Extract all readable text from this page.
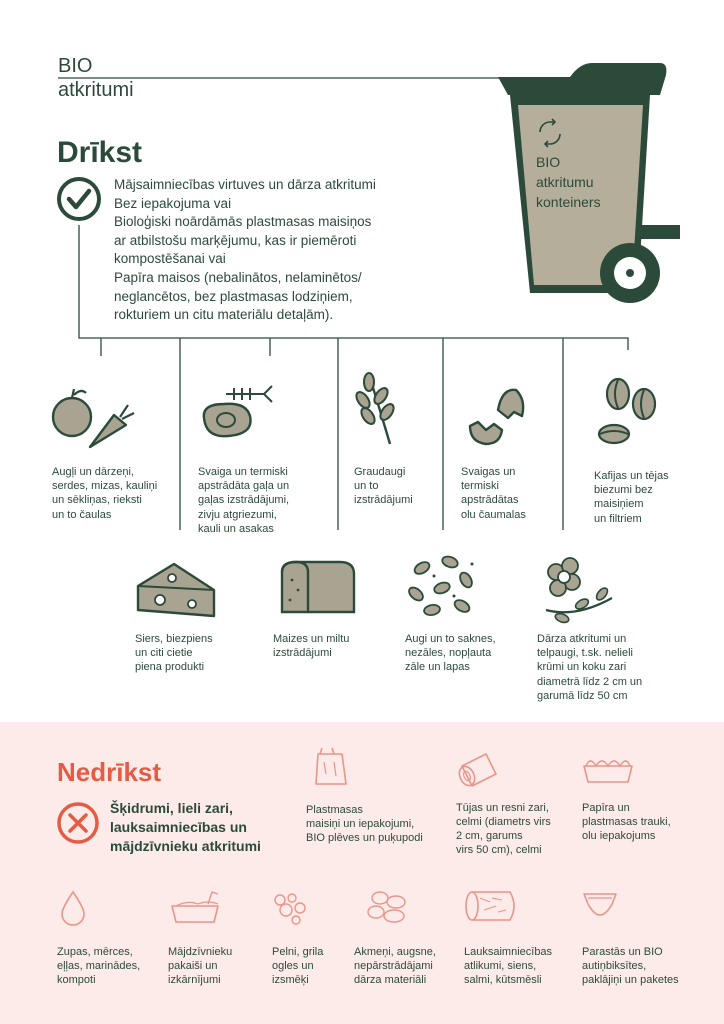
BIO
atkritumi
BIO
atkritumu
konteiners
Drīkst

Mājsaimniecības virtuves un dārza atkritumi

Bez iepakojuma vai

Bioloģiski noārdāmās plastmasas maisiņos

ar atbilstošu marķējumu, kas ir piemēroti

kompostēšanai vai

Papīra maisos (nebalinātos, nelaminētos/

neglancētos, bez plastmasas lodziņiem,

rokturiem un citu materiālu detaļām).

Augļi un dārzeņi,
serdes, mizas, kauliņi
un sēkliņas, rieksti
un to čaulas
Svaiga un termiski
apstrādāta gaļa un
gaļas izstrādājumi,
zivju atgriezumi,
kauli un asakas
Graudaugi
un to
izstrādājumi
Svaigas un
termiski
apstrādātas
olu čaumalas
Kafijas un tējas
biezumi bez
maisiņiem
un filtriem
Siers, biezpiens
un citi cietie
piena produkti
Maizes un miltu
izstrādājumi
Augi un to saknes,
nezāles, nopļauta
zāle un lapas
Dārza atkritumi un
telpaugi, t.sk. nelieli
krūmi un koku zari
diametrā līdz 2 cm un
garumā līdz 50 cm
Nedrīkst
Šķidrumi, lieli zari,
lauksaimniecības un
mājdzīvnieku atkritumi
Plastmasas
maisiņi un iepakojumi,
BIO plēves un puķupodi
Tūjas un resni zari,
celmi (diametrs virs
2 cm, garums
virs 50 cm), celmi
Papīra un
plastmasas trauki,
olu iepakojums
Zupas, mērces,
eļļas, marinādes,
kompoti
Mājdzīvnieku
pakaiši un
izkārnījumi
Pelni, grila
ogles un
izsmēķi
Akmeņi, augsne,
nepārstrādājami
dārza materiāli
Lauksaimniecības
atlikumi, siens,
salmi, kūtsmēsli
Parastās un BIO
autiņbiksītes,
paklājiņi un paketes
